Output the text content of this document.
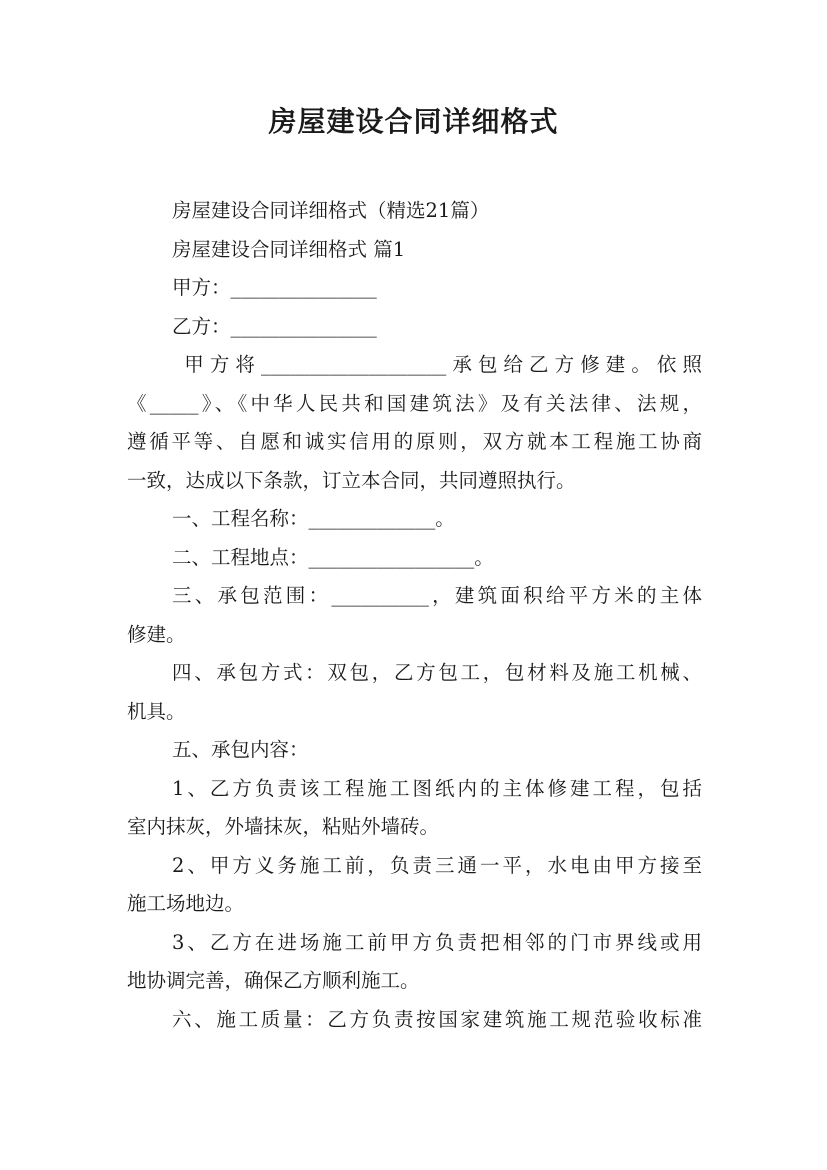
房屋建设合同详细格式

房屋建设合同详细格式（精选21篇）

房屋建设合同详细格式 篇1

甲方：_______________

乙方：_______________

甲方将___________________承包给乙方修建。依照

《_____》、《中华人民共和国建筑法》及有关法律、法规，

遵循平等、自愿和诚实信用的原则，双方就本工程施工协商

一致，达成以下条款，订立本合同，共同遵照执行。

一、工程名称：_____________。

二、工程地点：_________________。

三、承包范围：__________，建筑面积给平方米的主体

修建。

四、承包方式：双包，乙方包工，包材料及施工机械、

机具。

五、承包内容：

1、乙方负责该工程施工图纸内的主体修建工程，包括

室内抹灰，外墙抹灰，粘贴外墙砖。

2、甲方义务施工前，负责三通一平，水电由甲方接至

施工场地边。

3、乙方在进场施工前甲方负责把相邻的门市界线或用

地协调完善，确保乙方顺利施工。

六、施工质量：乙方负责按国家建筑施工规范验收标准
